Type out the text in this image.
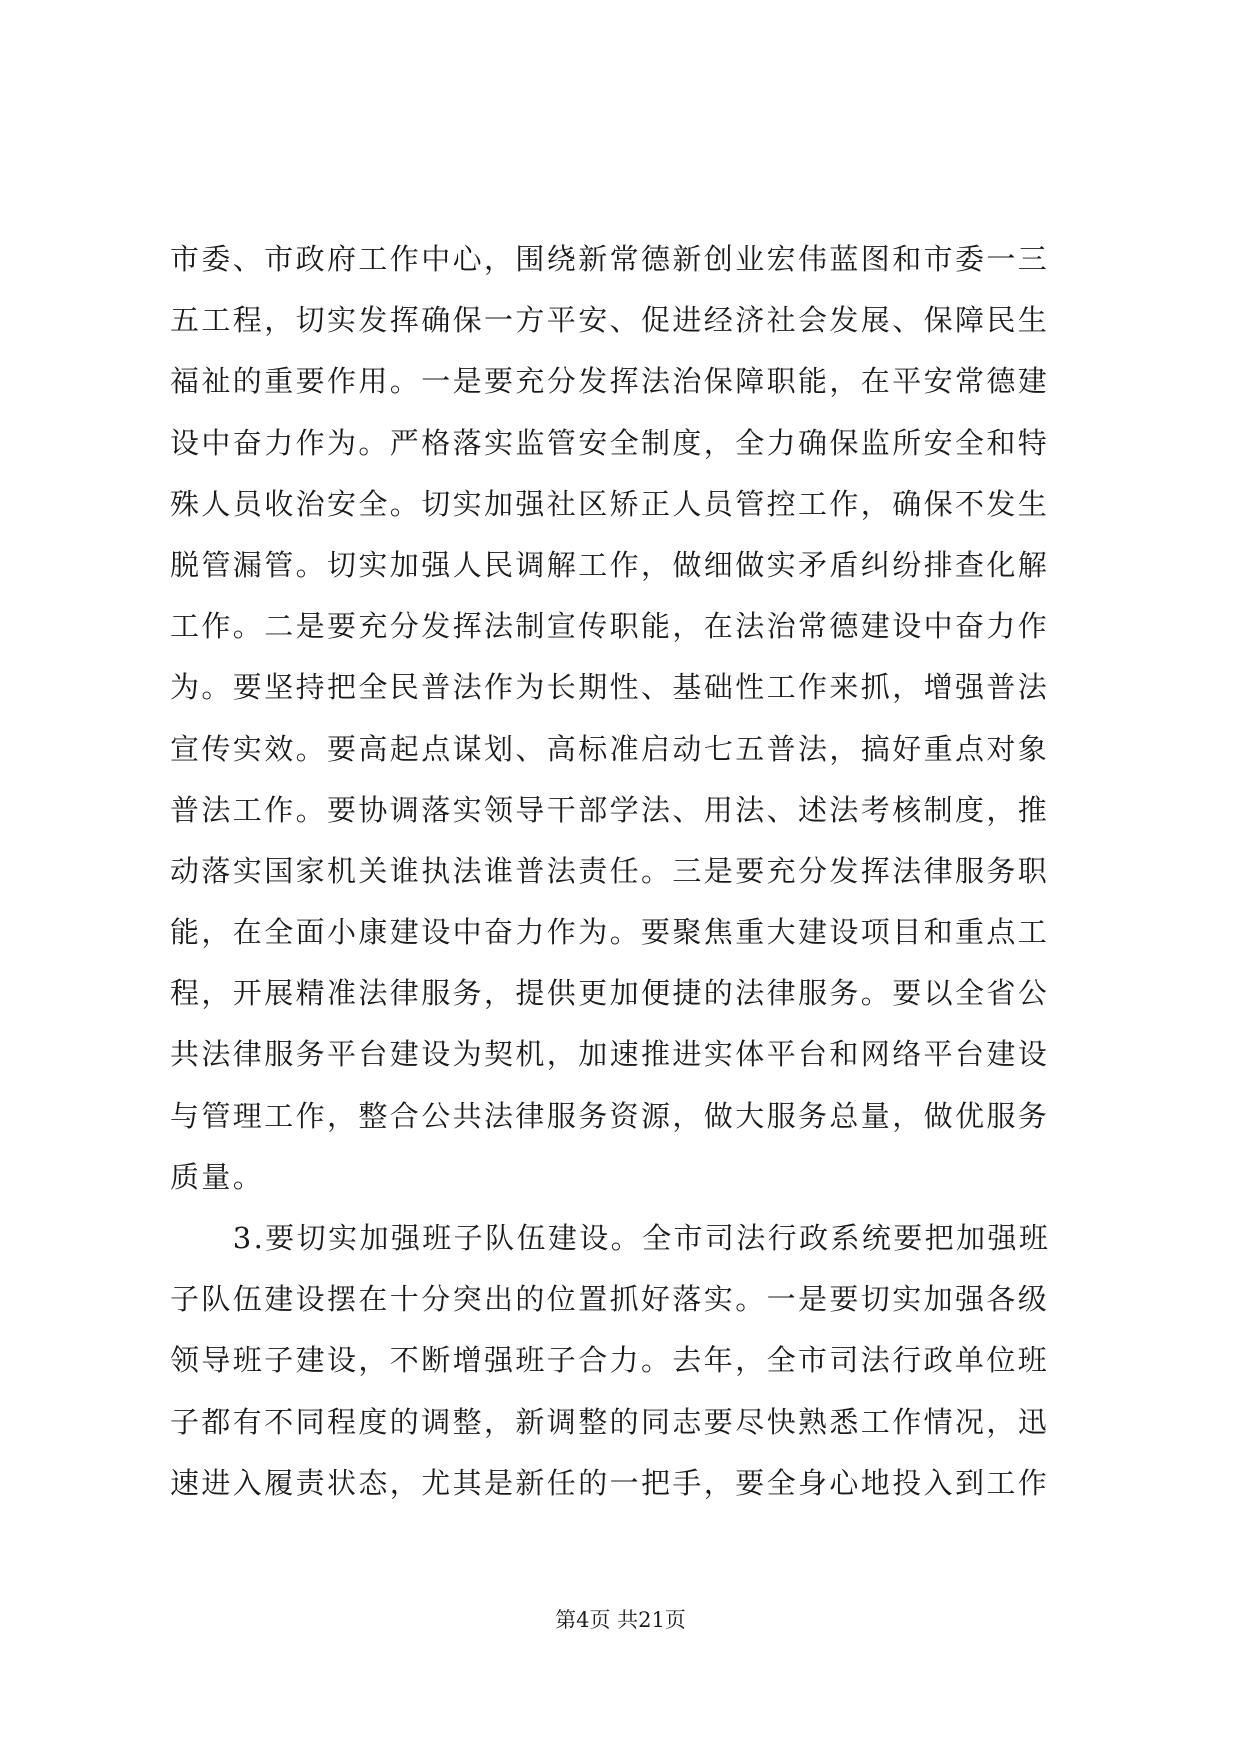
市委、市政府工作中心，围绕新常德新创业宏伟蓝图和市委一三
五工程，切实发挥确保一方平安、促进经济社会发展、保障民生
福祉的重要作用。一是要充分发挥法治保障职能，在平安常德建
设中奋力作为。严格落实监管安全制度，全力确保监所安全和特
殊人员收治安全。切实加强社区矫正人员管控工作，确保不发生
脱管漏管。切实加强人民调解工作，做细做实矛盾纠纷排查化解
工作。二是要充分发挥法制宣传职能，在法治常德建设中奋力作
为。要坚持把全民普法作为长期性、基础性工作来抓，增强普法
宣传实效。要高起点谋划、高标准启动七五普法，搞好重点对象
普法工作。要协调落实领导干部学法、用法、述法考核制度，推
动落实国家机关谁执法谁普法责任。三是要充分发挥法律服务职
能，在全面小康建设中奋力作为。要聚焦重大建设项目和重点工
程，开展精准法律服务，提供更加便捷的法律服务。要以全省公
共法律服务平台建设为契机，加速推进实体平台和网络平台建设
与管理工作，整合公共法律服务资源，做大服务总量，做优服务
质量。
　　3.要切实加强班子队伍建设。全市司法行政系统要把加强班
子队伍建设摆在十分突出的位置抓好落实。一是要切实加强各级
领导班子建设，不断增强班子合力。去年，全市司法行政单位班
子都有不同程度的调整，新调整的同志要尽快熟悉工作情况，迅
速进入履责状态，尤其是新任的一把手，要全身心地投入到工作
第4页 共21页
